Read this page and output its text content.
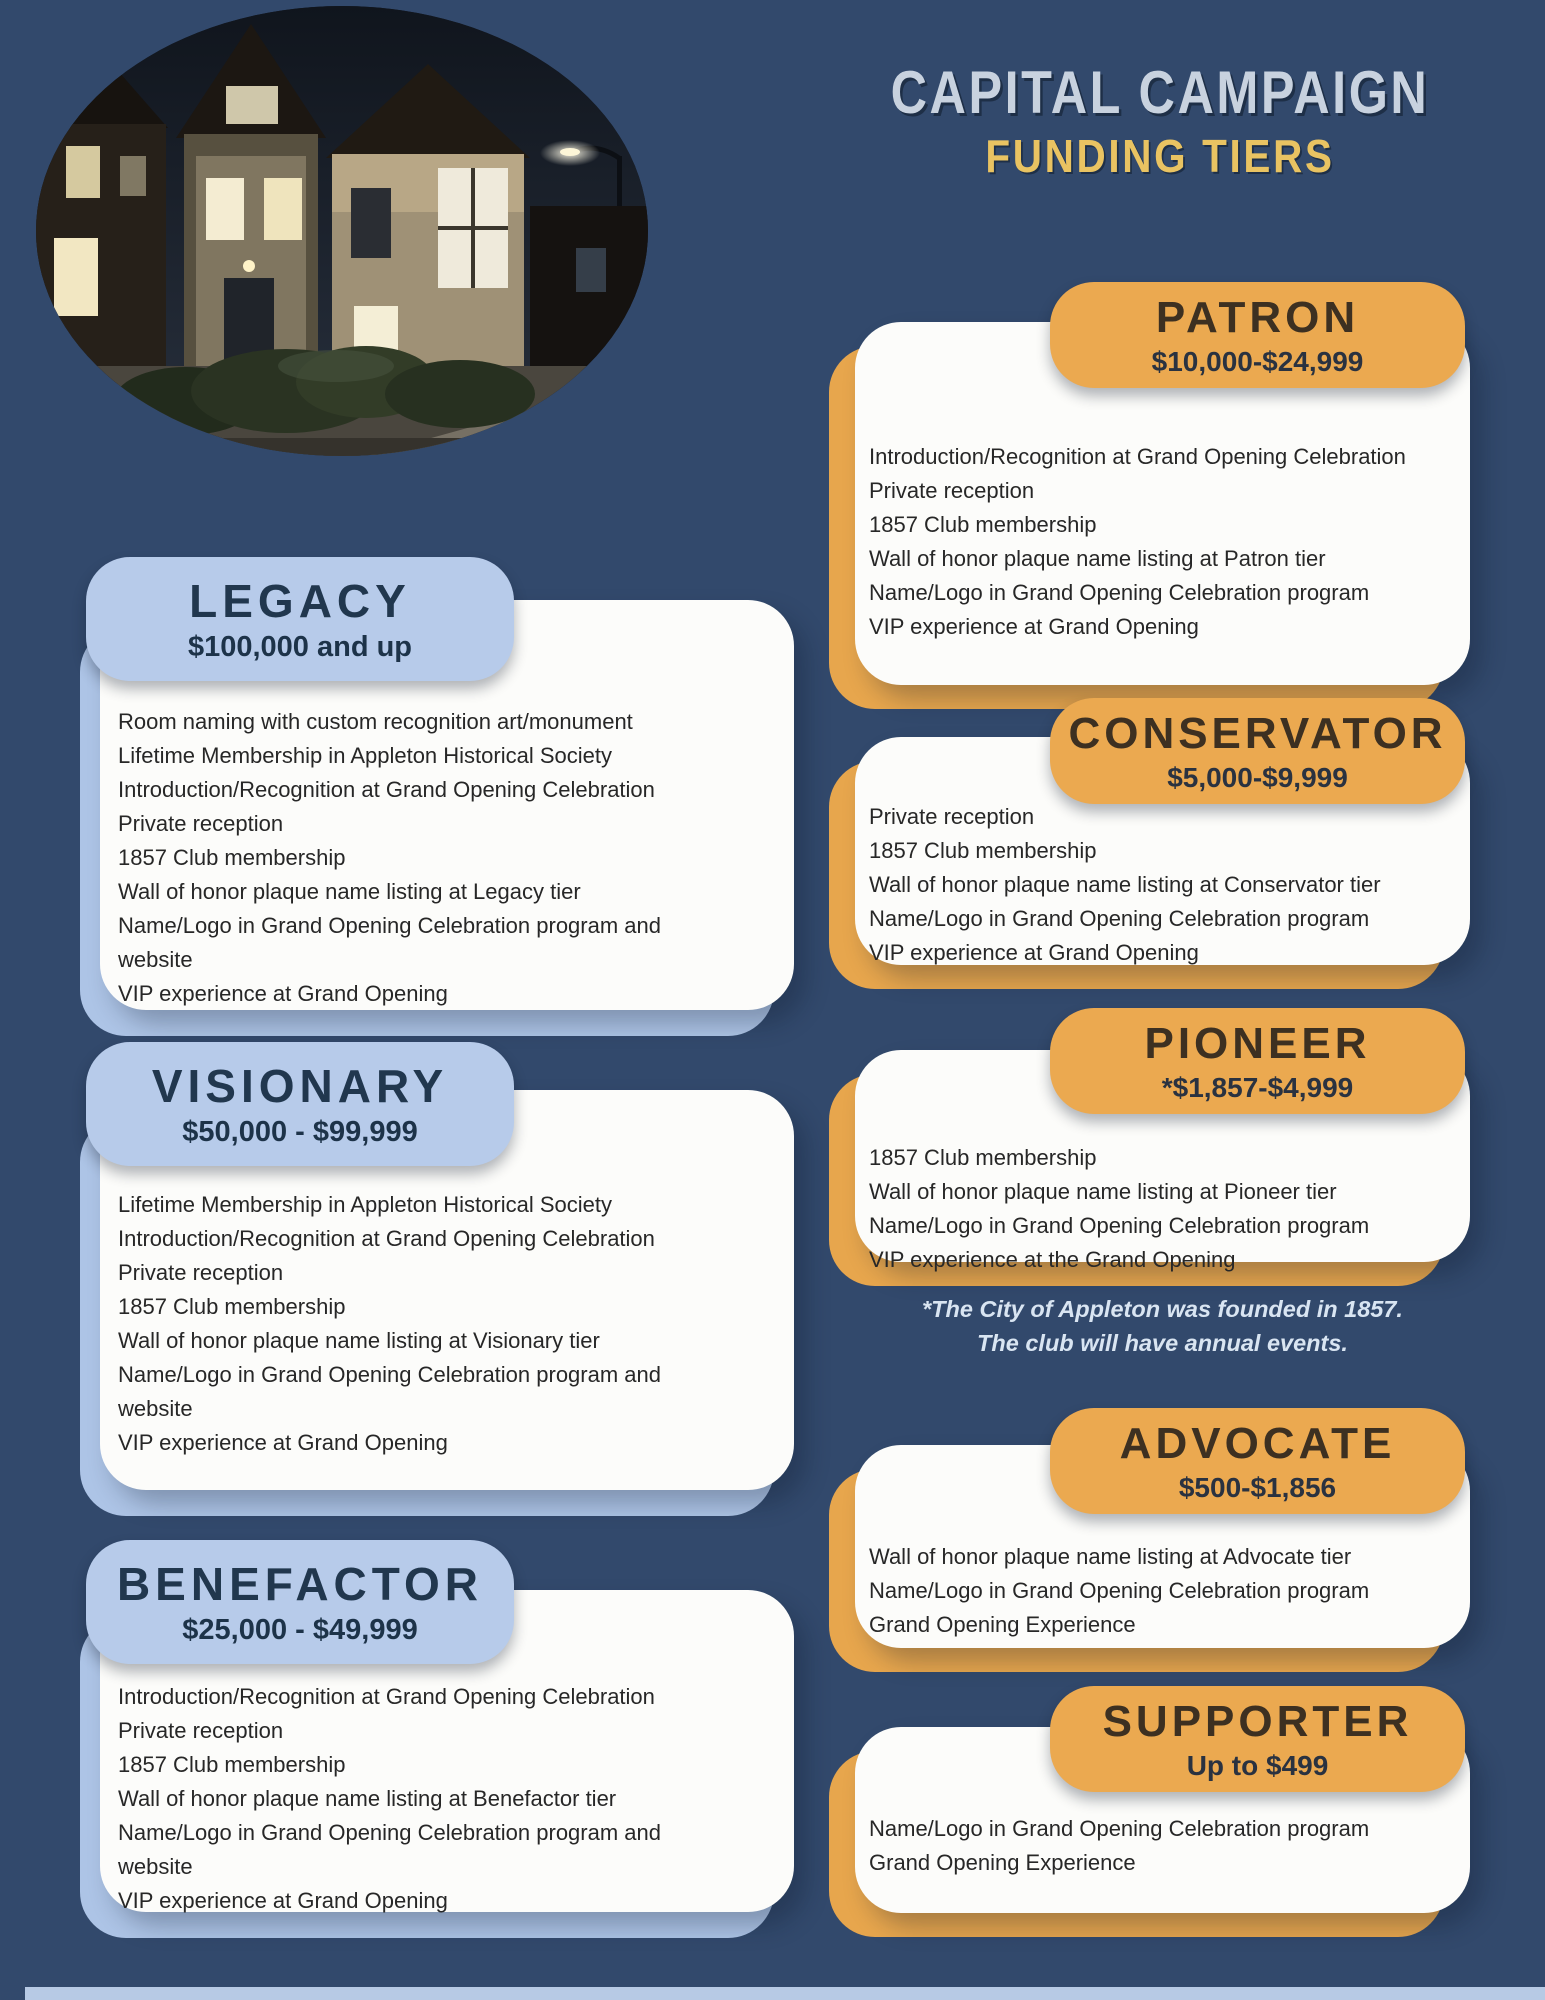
CAPITAL CAMPAIGN
FUNDING TIERS
Room naming with custom recognition art/monument
Lifetime Membership in Appleton Historical Society
Introduction/Recognition at Grand Opening Celebration
Private reception
1857 Club membership
Wall of honor plaque name listing at Legacy tier
Name/Logo in Grand Opening Celebration program and website
VIP experience at Grand Opening
LEGACY
$100,000 and up
Lifetime Membership in Appleton Historical Society
Introduction/Recognition at Grand Opening Celebration
Private reception
1857 Club membership
Wall of honor plaque name listing at Visionary tier
Name/Logo in Grand Opening Celebration program and website
VIP experience at Grand Opening
VISIONARY
$50,000 - $99,999
Introduction/Recognition at Grand Opening Celebration
Private reception
1857 Club membership
Wall of honor plaque name listing at Benefactor tier
Name/Logo in Grand Opening Celebration program and website
VIP experience at Grand Opening
BENEFACTOR
$25,000 - $49,999
Introduction/Recognition at Grand Opening Celebration
Private reception
1857 Club membership
Wall of honor plaque name listing at Patron tier
Name/Logo in Grand Opening Celebration program
VIP experience at Grand Opening
PATRON
$10,000-$24,999
Private reception
1857 Club membership
Wall of honor plaque name listing at Conservator tier
Name/Logo in Grand Opening Celebration program
VIP experience at Grand Opening
CONSERVATOR
$5,000-$9,999
1857 Club membership
Wall of honor plaque name listing at Pioneer tier
Name/Logo in Grand Opening Celebration program
VIP experience at the Grand Opening
PIONEER
*$1,857-$4,999
*The City of Appleton was founded in 1857.
The club will have annual events.
Wall of honor plaque name listing at Advocate tier
Name/Logo in Grand Opening Celebration program
Grand Opening Experience
ADVOCATE
$500-$1,856
Name/Logo in Grand Opening Celebration program
Grand Opening Experience
SUPPORTER
Up to $499
